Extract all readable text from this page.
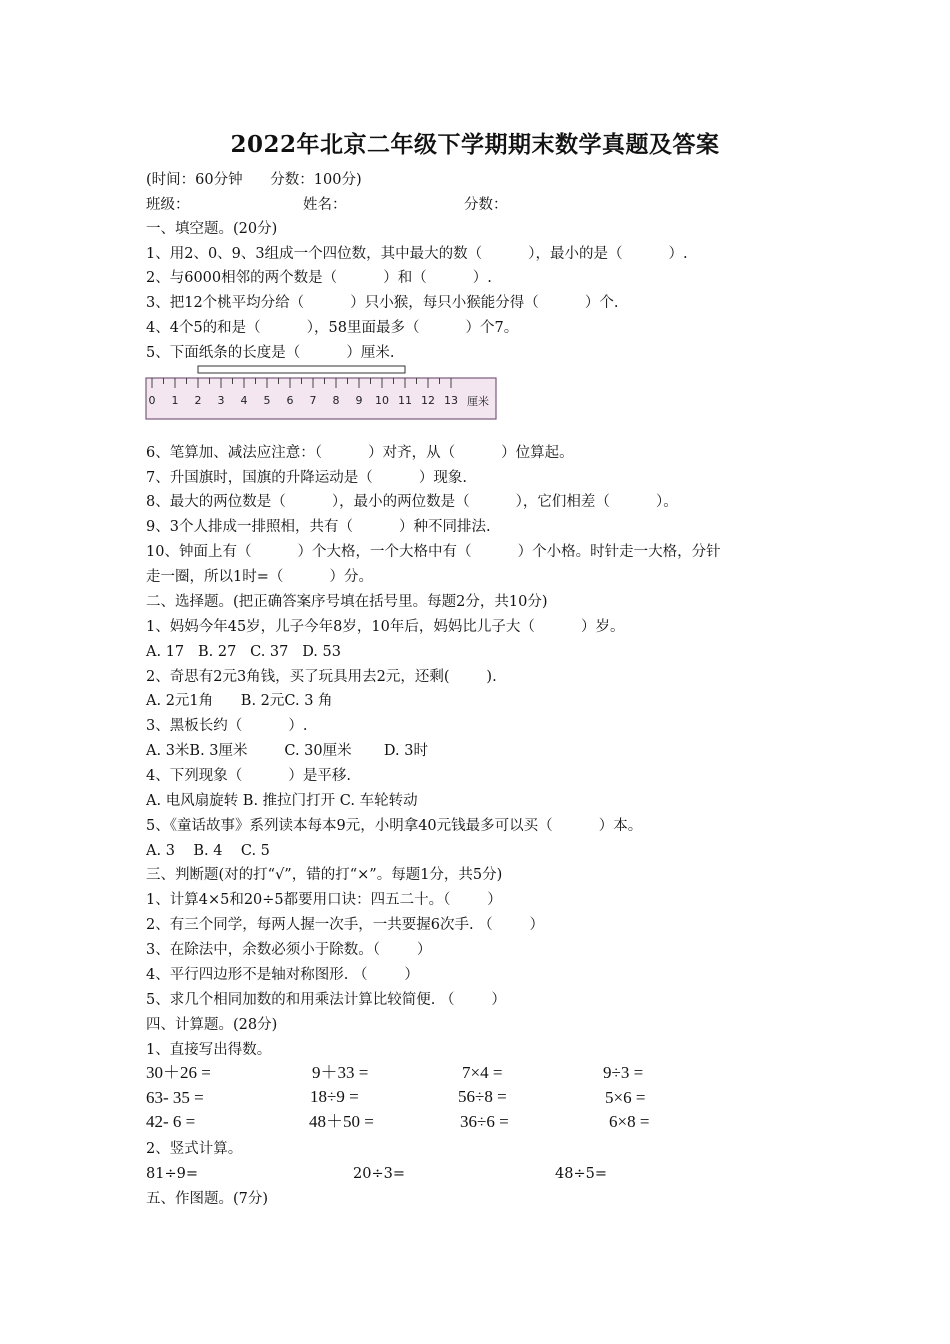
2022年北京二年级下学期期末数学真题及答案
(时间：60分钟      分数：100分)
班级：	姓名：	分数：
一、填空题。(20分)
1、用2、0、9、3组成一个四位数，其中最大的数（          ），最小的是（          ）.
2、与6000相邻的两个数是（          ）和（          ）.
3、把12个桃平均分给（          ）只小猴，每只小猴能分得（          ）个.
4、4个5的和是（          ），58里面最多（          ）个7。
5、下面纸条的长度是（          ）厘米.
0 1 2 3 4 5 6 7 8 9 10 11 12 13 厘米
6、笔算加、减法应注意：（          ）对齐，从（          ）位算起。
7、升国旗时，国旗的升降运动是（          ）现象.
8、最大的两位数是（          ），最小的两位数是（          ），它们相差（          ）。
9、3个人排成一排照相，共有（          ）种不同排法.
10、钟面上有（          ）个大格，一个大格中有（          ）个小格。时针走一大格，分针
走一圈，所以1时=（          ）分。
二、选择题。(把正确答案序号填在括号里。每题2分，共10分)
1、妈妈今年45岁，儿子今年8岁，10年后，妈妈比儿子大（          ）岁。
A. 17   B. 27   C. 37   D. 53
2、奇思有2元3角钱，买了玩具用去2元，还剩(        ).
A. 2元1角      B. 2元C. 3 角
3、黑板长约（          ）.
A. 3米B. 3厘米        C. 30厘米       D. 3时
4、下列现象（          ）是平移.
A. 电风扇旋转 B. 推拉门打开 C. 车轮转动
5、《童话故事》系列读本每本9元，小明拿40元钱最多可以买（          ）本。
A. 3    B. 4    C. 5
三、判断题(对的打“√”，错的打“×”。每题1分，共5分)
1、计算4×5和20÷5都要用口诀：四五二十。（        ）
2、有三个同学，每两人握一次手，一共要握6次手. （        ）
3、在除法中，余数必须小于除数。（        ）
4、平行四边形不是轴对称图形. （        ）
5、求几个相同加数的和用乘法计算比较简便. （        ）
四、计算题。(28分)
1、直接写出得数。
30＋26 =	9＋33 =	7×4 =	9÷3 =
63- 35 =	18÷9 =	56÷8 =	5×6 =
42- 6 =	48＋50 =	36÷6 =	6×8 =
2、竖式计算。
81÷9=	20÷3=	48÷5=
五、作图题。(7分)
